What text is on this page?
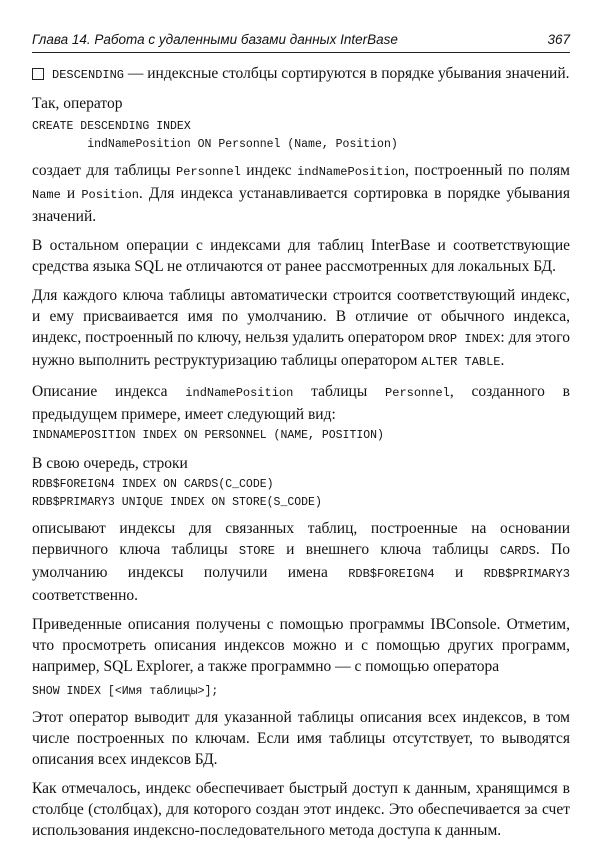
Глава 14. Работа с удаленными базами данных InterBase	367

DESCENDING — индексные столбцы сортируются в порядке убывания значений.

Так, оператор

CREATE DESCENDING INDEX
indNamePosition ON Personnel (Name, Position)

создает для таблицы Personnel индекс indNamePosition, построенный по полям Name и Position. Для индекса устанавливается сортировка в порядке убывания значений.

В остальном операции с индексами для таблиц InterBase и соответствующие средства языка SQL не отличаются от ранее рассмотренных для локальных БД.

Для каждого ключа таблицы автоматически строится соответствующий индекс, и ему присваивается имя по умолчанию. В отличие от обычного индекса, индекс, построенный по ключу, нельзя удалить оператором DROP INDEX: для этого нужно выполнить реструктуризацию таблицы оператором ALTER TABLE.

Описание индекса indNamePosition таблицы Personnel, созданного в предыдущем примере, имеет следующий вид:

INDNAMEPOSITION INDEX ON PERSONNEL (NAME, POSITION)

В свою очередь, строки

RDB$FOREIGN4 INDEX ON CARDS(C_CODE)
RDB$PRIMARY3 UNIQUE INDEX ON STORE(S_CODE)

описывают индексы для связанных таблиц, построенные на основании первичного ключа таблицы STORE и внешнего ключа таблицы CARDS. По умолчанию индексы получили имена RDB$FOREIGN4 и RDB$PRIMARY3 соответственно.

Приведенные описания получены с помощью программы IBConsole. Отметим, что просмотреть описания индексов можно и с помощью других программ, например, SQL Explorer, а также программно — с помощью оператора

SHOW INDEX [<Имя таблицы>];

Этот оператор выводит для указанной таблицы описания всех индексов, в том числе построенных по ключам. Если имя таблицы отсутствует, то выводятся описания всех индексов БД.

Как отмечалось, индекс обеспечивает быстрый доступ к данным, хранящимся в столбце (столбцах), для которого создан этот индекс. Это обеспечивается за счет использования индексно-последовательного метода доступа к данным.
